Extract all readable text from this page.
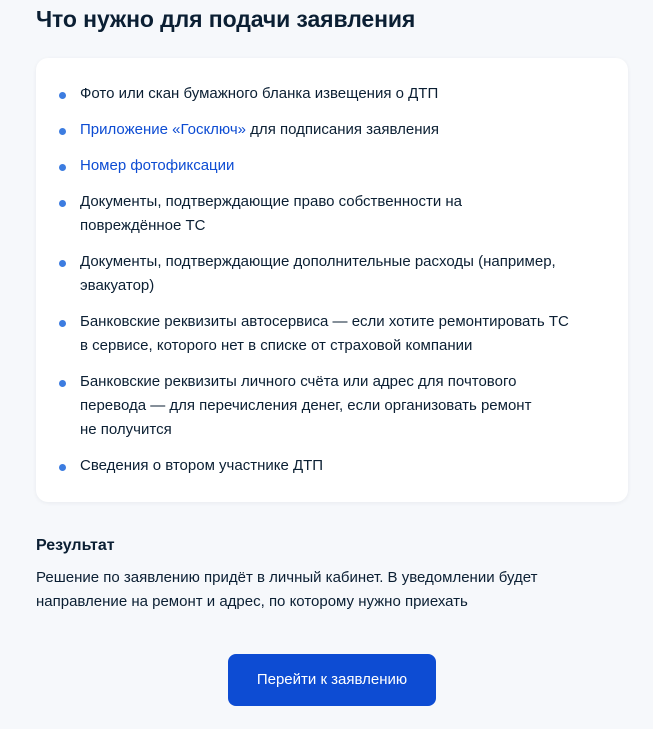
Что нужно для подачи заявления
Фото или скан бумажного бланка извещения о ДТП
Приложение «Госключ» для подписания заявления
Номер фотофиксации
Документы, подтверждающие право собственности на повреждённое ТС
Документы, подтверждающие дополнительные расходы (например, эвакуатор)
Банковские реквизиты автосервиса — если хотите ремонтировать ТС
в сервисе, которого нет в списке от страховой компании
Банковские реквизиты личного счёта или адрес для почтового
перевода — для перечисления денег, если организовать ремонт
не получится
Сведения о втором участнике ДТП
Результат

Решение по заявлению придёт в личный кабинет. В уведомлении будет
направление на ремонт и адрес, по которому нужно приехать

Перейти к заявлению
